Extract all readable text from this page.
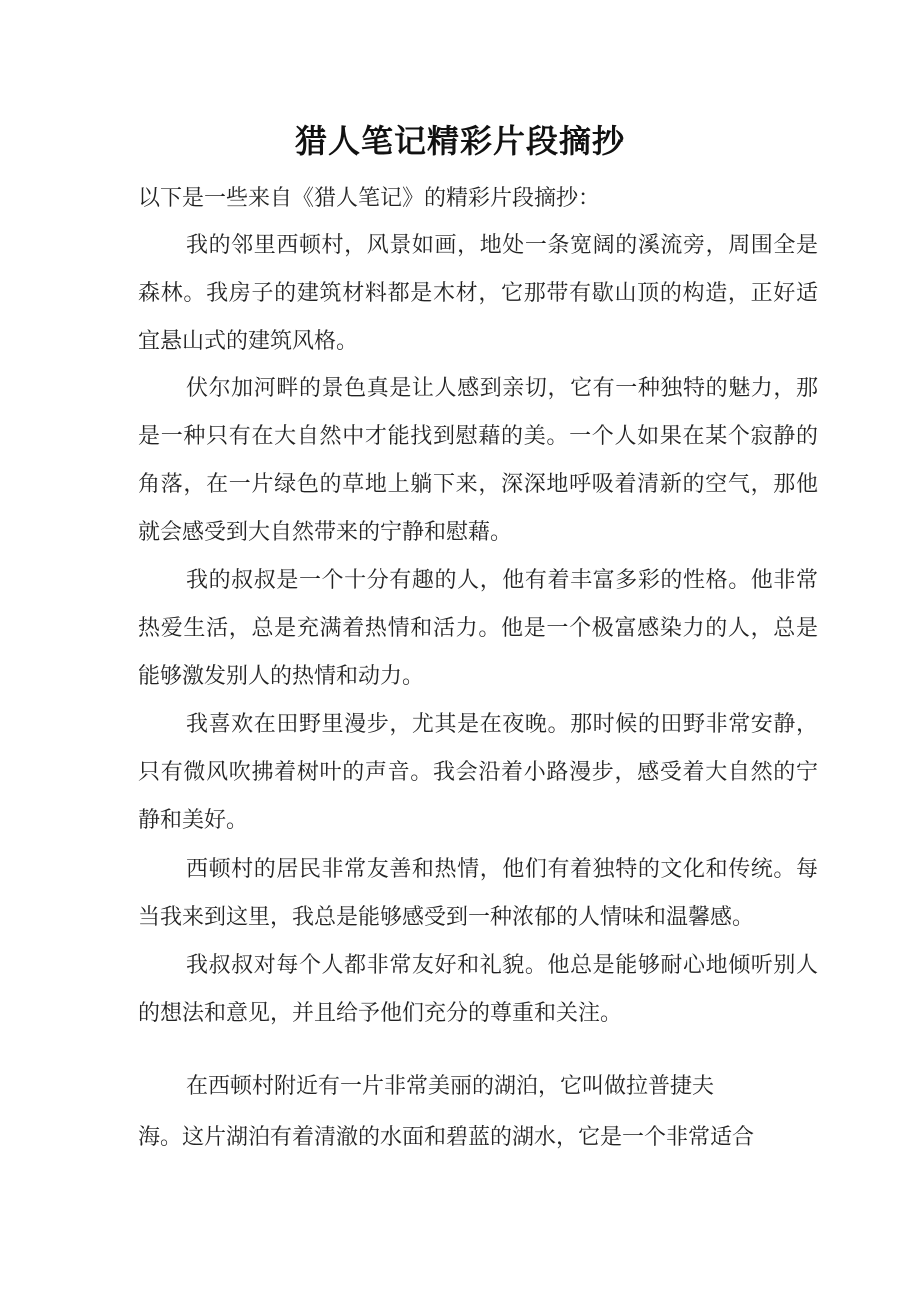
猎人笔记精彩片段摘抄

以下是一些来自《猎人笔记》的精彩片段摘抄：

我的邻里西顿村，风景如画，地处一条宽阔的溪流旁，周围全是森林。我房子的建筑材料都是木材，它那带有歇山顶的构造，正好适宜悬山式的建筑风格。

伏尔加河畔的景色真是让人感到亲切，它有一种独特的魅力，那是一种只有在大自然中才能找到慰藉的美。一个人如果在某个寂静的角落，在一片绿色的草地上躺下来，深深地呼吸着清新的空气，那他就会感受到大自然带来的宁静和慰藉。

我的叔叔是一个十分有趣的人，他有着丰富多彩的性格。他非常热爱生活，总是充满着热情和活力。他是一个极富感染力的人，总是能够激发别人的热情和动力。

我喜欢在田野里漫步，尤其是在夜晚。那时候的田野非常安静，只有微风吹拂着树叶的声音。我会沿着小路漫步，感受着大自然的宁静和美好。

西顿村的居民非常友善和热情，他们有着独特的文化和传统。每当我来到这里，我总是能够感受到一种浓郁的人情味和温馨感。

我叔叔对每个人都非常友好和礼貌。他总是能够耐心地倾听别人的想法和意见，并且给予他们充分的尊重和关注。

在西顿村附近有一片非常美丽的湖泊，它叫做拉普捷夫
海。这片湖泊有着清澈的水面和碧蓝的湖水，它是一个非常适合
